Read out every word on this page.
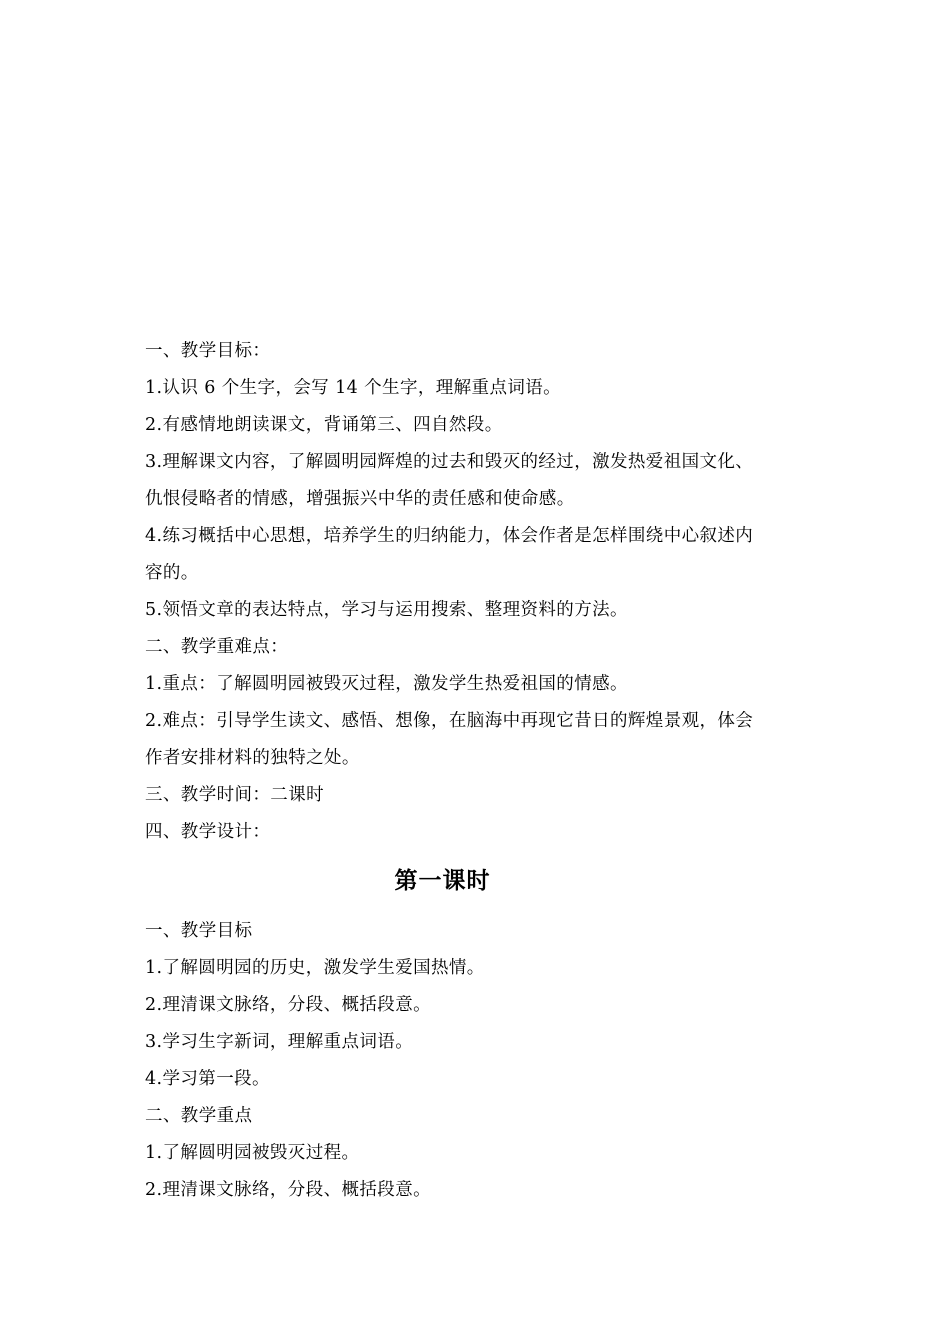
一、教学目标：
1.认识 6 个生字，会写 14 个生字，理解重点词语。
2.有感情地朗读课文，背诵第三、四自然段。
3.理解课文内容，了解圆明园辉煌的过去和毁灭的经过，激发热爱祖国文化、
仇恨侵略者的情感，增强振兴中华的责任感和使命感。
4.练习概括中心思想，培养学生的归纳能力，体会作者是怎样围绕中心叙述内
容的。
5.领悟文章的表达特点，学习与运用搜索、整理资料的方法。
二、教学重难点：
1.重点：了解圆明园被毁灭过程，激发学生热爱祖国的情感。
2.难点：引导学生读文、感悟、想像，在脑海中再现它昔日的辉煌景观，体会
作者安排材料的独特之处。
三、教学时间：二课时
四、教学设计：
第一课时
一、教学目标
1.了解圆明园的历史，激发学生爱国热情。
2.理清课文脉络，分段、概括段意。
3.学习生字新词，理解重点词语。
4.学习第一段。
二、教学重点
1.了解圆明园被毁灭过程。
2.理清课文脉络，分段、概括段意。
